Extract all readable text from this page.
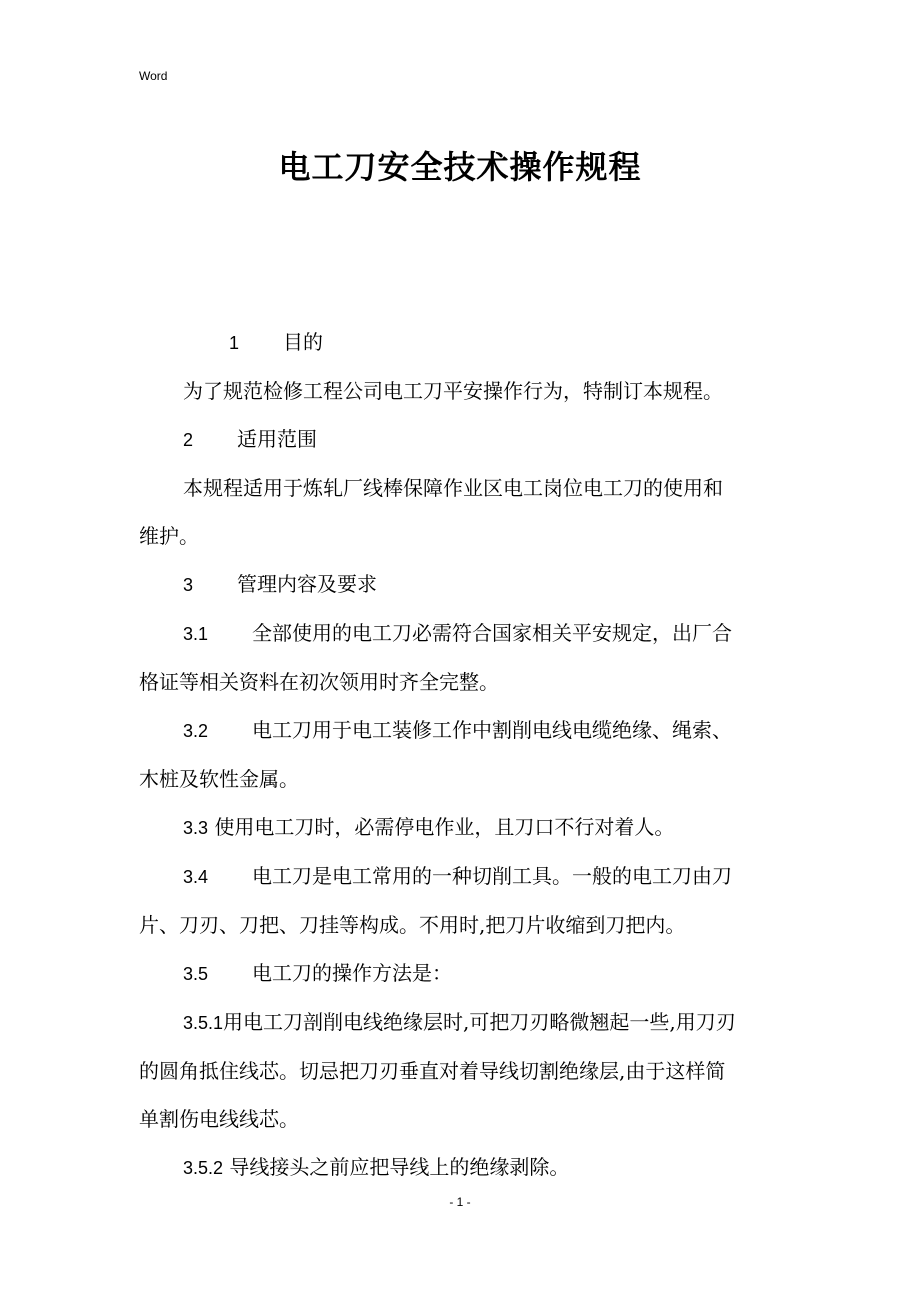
Word
电工刀安全技术操作规程

1 目的

为了规范检修工程公司电工刀平安操作行为，特制订本规程。

2 适用范围

本规程适用于炼轧厂线棒保障作业区电工岗位电工刀的使用和

维护。

3 管理内容及要求

3.1 全部使用的电工刀必需符合国家相关平安规定，出厂合

格证等相关资料在初次领用时齐全完整。

3.2 电工刀用于电工装修工作中割削电线电缆绝缘、绳索、

木桩及软性金属。

3.3 使用电工刀时，必需停电作业，且刀口不行对着人。

3.4 电工刀是电工常用的一种切削工具。一般的电工刀由刀

片、刀刃、刀把、刀挂等构成。不用时,把刀片收缩到刀把内。

3.5 电工刀的操作方法是：

3.5.1用电工刀剖削电线绝缘层时,可把刀刃略微翘起一些,用刀刃

的圆角抵住线芯。切忌把刀刃垂直对着导线切割绝缘层,由于这样简

单割伤电线线芯。

3.5.2 导线接头之前应把导线上的绝缘剥除。

- 1 -
